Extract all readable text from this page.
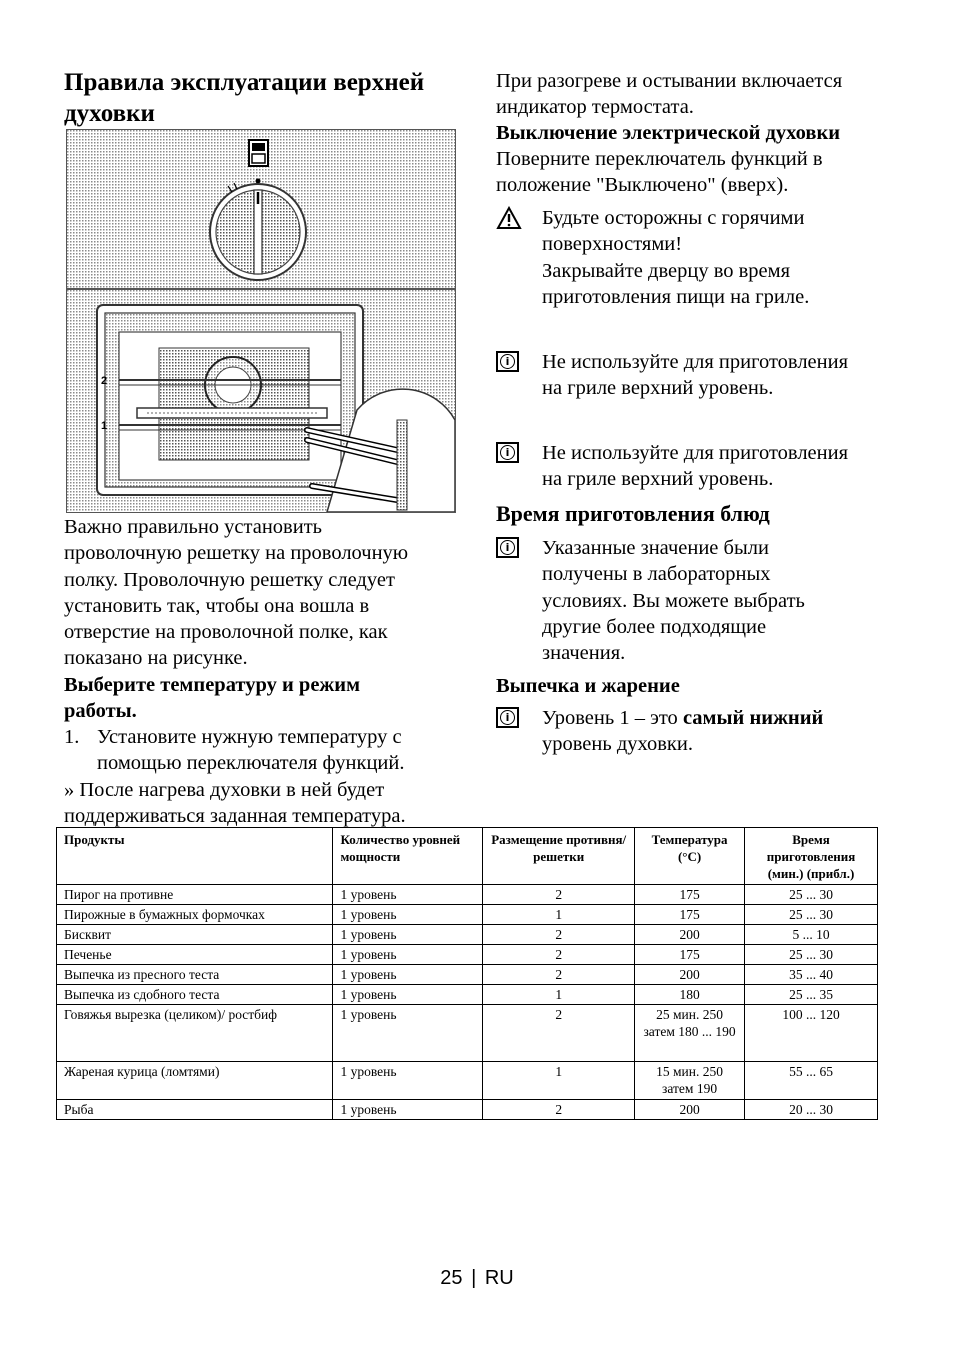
Правила эксплуатации верхней духовки
2
1
Важно правильно установить
проволочную решетку на проволочную
полку. Проволочную решетку следует
установить так, чтобы она вошла в
отверстие на проволочной полке, как
показано на рисунке.
Выберите температуру и режим
работы.
1. Установите нужную температуру с
помощью переключателя функций.
» После нагрева духовки в ней будет
поддерживаться заданная температура.
При разогреве и остывании включается
индикатор термостата.
Выключение электрической духовки
Поверните переключатель функций в
положение "Выключено" (вверх).
Будьте осторожны с горячими
поверхностями!
Закрывайте дверцу во время
приготовления пищи на гриле.
i Не используйте для приготовления
на гриле верхний уровень.
i Не используйте для приготовления
на гриле верхний уровень.
Время приготовления блюд
i Указанные значение были
получены в лабораторных
условиях. Вы можете выбрать
другие более подходящие
значения.
Выпечка и жарение
i Уровень 1 – это самый нижний
уровень духовки.
Продукты	Количество уровней мощности	Размещение противня/решетки	Температура (°C)	Время приготовления (мин.) (прибл.)
Пирог на противне	1 уровень	2	175	25 ... 30
Пирожные в бумажных формочках	1 уровень	1	175	25 ... 30
Бисквит	1 уровень	2	200	5 ... 10
Печенье	1 уровень	2	175	25 ... 30
Выпечка из пресного теста	1 уровень	2	200	35 ... 40
Выпечка из сдобного теста	1 уровень	1	180	25 ... 35
Говяжья вырезка (целиком)/ ростбиф	1 уровень	2	25 мин. 250 затем 180 ... 190	100 ... 120
Жареная курица (ломтями)	1 уровень	1	15 мин. 250 затем 190	55 ... 65
Рыба	1 уровень	2	200	20 ... 30
25 | RU
